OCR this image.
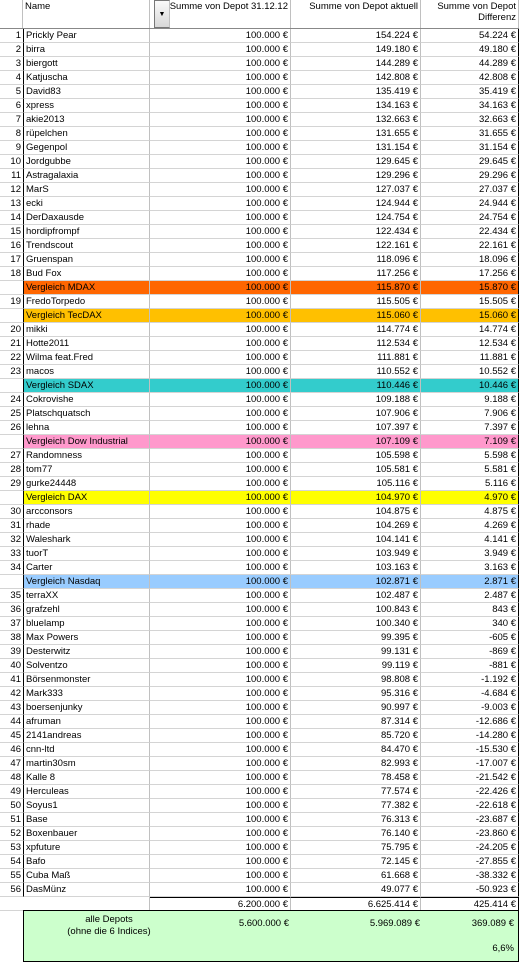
Name
▼
Summe von Depot 31.12.12	Summe von Depot aktuell	Summe von Depot
Differenz
1 Prickly Pear	100.000 €	154.224 €	54.224 €
2 birra	100.000 €	149.180 €	49.180 €
3 biergott	100.000 €	144.289 €	44.289 €
4 Katjuscha	100.000 €	142.808 €	42.808 €
5 David83	100.000 €	135.419 €	35.419 €
6 xpress	100.000 €	134.163 €	34.163 €
7 akie2013	100.000 €	132.663 €	32.663 €
8 rüpelchen	100.000 €	131.655 €	31.655 €
9 Gegenpol	100.000 €	131.154 €	31.154 €
10 Jordgubbe	100.000 €	129.645 €	29.645 €
11 Astragalaxia	100.000 €	129.296 €	29.296 €
12 MarS	100.000 €	127.037 €	27.037 €
13 ecki	100.000 €	124.944 €	24.944 €
14 DerDaxausde	100.000 €	124.754 €	24.754 €
15 hordipfrompf	100.000 €	122.434 €	22.434 €
16 Trendscout	100.000 €	122.161 €	22.161 €
17 Gruenspan	100.000 €	118.096 €	18.096 €
18 Bud Fox	100.000 €	117.256 €	17.256 €
Vergleich MDAX	100.000 €	115.870 €	15.870 €
19 FredoTorpedo	100.000 €	115.505 €	15.505 €
Vergleich TecDAX	100.000 €	115.060 €	15.060 €
20 mikki	100.000 €	114.774 €	14.774 €
21 Hotte2011	100.000 €	112.534 €	12.534 €
22 Wilma feat.Fred	100.000 €	111.881 €	11.881 €
23 macos	100.000 €	110.552 €	10.552 €
Vergleich SDAX	100.000 €	110.446 €	10.446 €
24 Cokrovishe	100.000 €	109.188 €	9.188 €
25 Platschquatsch	100.000 €	107.906 €	7.906 €
26 lehna	100.000 €	107.397 €	7.397 €
Vergleich Dow Industrial	100.000 €	107.109 €	7.109 €
27 Randomness	100.000 €	105.598 €	5.598 €
28 tom77	100.000 €	105.581 €	5.581 €
29 gurke24448	100.000 €	105.116 €	5.116 €
Vergleich DAX	100.000 €	104.970 €	4.970 €
30 arcconsors	100.000 €	104.875 €	4.875 €
31 rhade	100.000 €	104.269 €	4.269 €
32 Waleshark	100.000 €	104.141 €	4.141 €
33 tuorT	100.000 €	103.949 €	3.949 €
34 Carter	100.000 €	103.163 €	3.163 €
Vergleich Nasdaq	100.000 €	102.871 €	2.871 €
35 terraXX	100.000 €	102.487 €	2.487 €
36 grafzehl	100.000 €	100.843 €	843 €
37 bluelamp	100.000 €	100.340 €	340 €
38 Max Powers	100.000 €	99.395 €	-605 €
39 Desterwitz	100.000 €	99.131 €	-869 €
40 Solventzo	100.000 €	99.119 €	-881 €
41 Börsenmonster	100.000 €	98.808 €	-1.192 €
42 Mark333	100.000 €	95.316 €	-4.684 €
43 boersenjunky	100.000 €	90.997 €	-9.003 €
44 afruman	100.000 €	87.314 €	-12.686 €
45 2141andreas	100.000 €	85.720 €	-14.280 €
46 cnn-ltd	100.000 €	84.470 €	-15.530 €
47 martin30sm	100.000 €	82.993 €	-17.007 €
48 Kalle 8	100.000 €	78.458 €	-21.542 €
49 Herculeas	100.000 €	77.574 €	-22.426 €
50 Soyus1	100.000 €	77.382 €	-22.618 €
51 Base	100.000 €	76.313 €	-23.687 €
52 Boxenbauer	100.000 €	76.140 €	-23.860 €
53 xpfuture	100.000 €	75.795 €	-24.205 €
54 Bafo	100.000 €	72.145 €	-27.855 €
55 Cuba Maß	100.000 €	61.668 €	-38.332 €
56 DasMünz	100.000 €	49.077 €	-50.923 €
6.200.000 €	6.625.414 €	425.414 €
alle Depots
(ohne die 6 Indices)
5.600.000 €	5.969.089 €	369.089 €
6,6%
